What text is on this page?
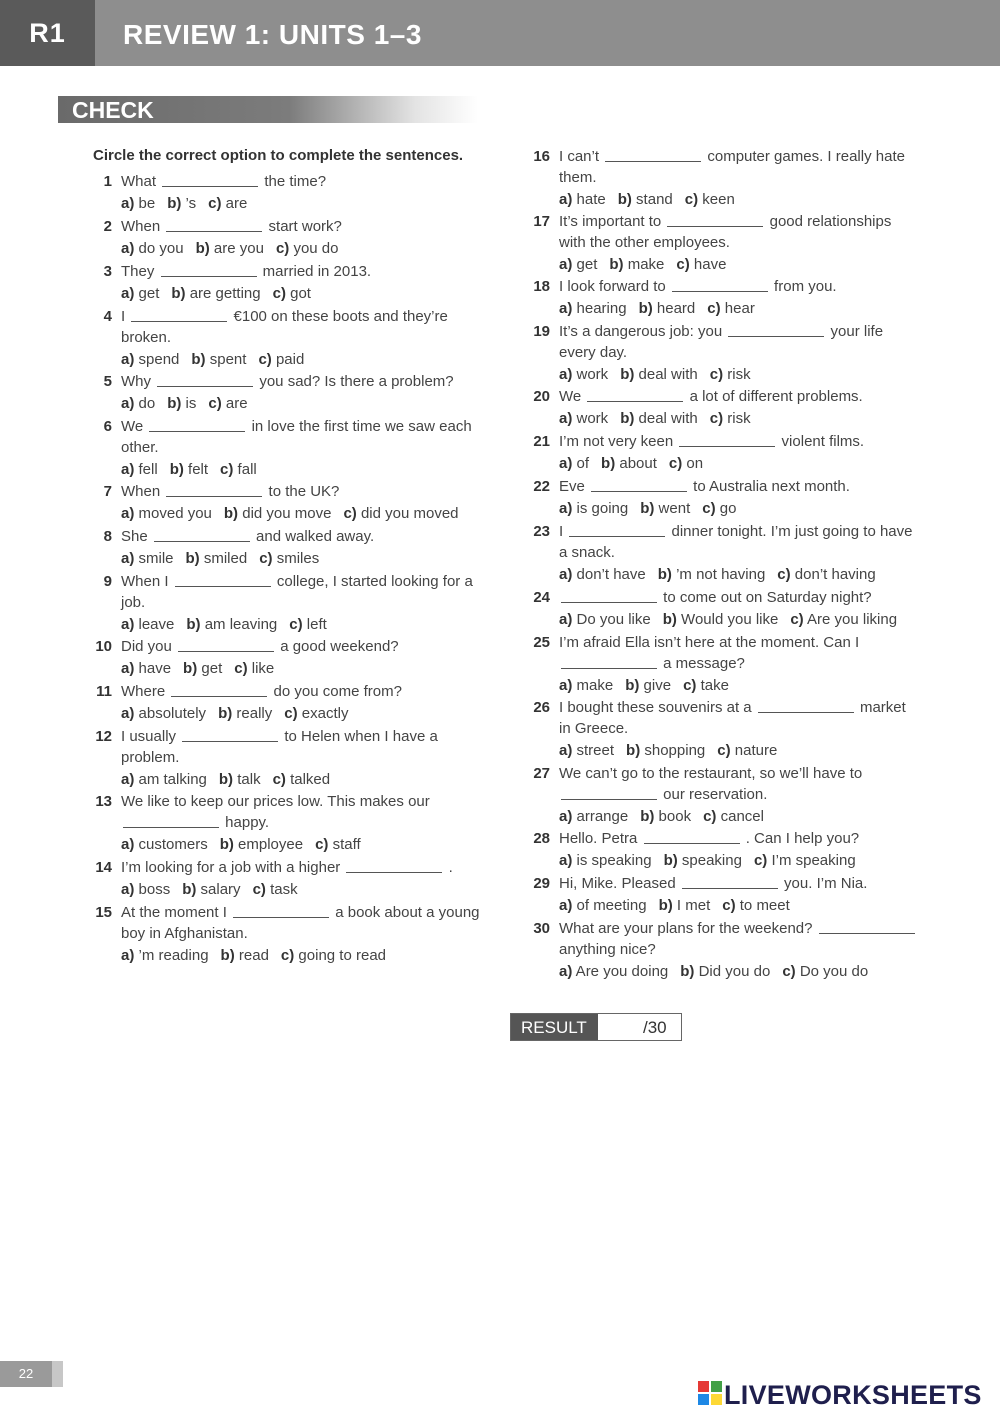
R1	REVIEW 1: UNITS 1–3
CHECK
Circle the correct option to complete the sentences.
1 What	the time?
a) be b) ’s c) are
2 When	start work?
a) do you b) are you c) you do
3 They	married in 2013.
a) get b) are getting c) got
4 I	€100 on these boots and they’re broken.
a) spend b) spent c) paid
5 Why	you sad? Is there a problem?
a) do b) is c) are
6 We	in love the first time we saw each other.
a) fell b) felt c) fall
7 When	to the UK?
a) moved you b) did you move c) did you moved
8 She	and walked away.
a) smile b) smiled c) smiles
9 When I	college, I started looking for a job.
a) leave b) am leaving c) left
10 Did you	a good weekend?
a) have b) get c) like
11 Where	do you come from?
a) absolutely b) really c) exactly
12 I usually	to Helen when I have a problem.
a) am talking b) talk c) talked
13 We like to keep our prices low. This makes our  happy.
a) customers b) employee c) staff
14 I’m looking for a job with a higher	.
a) boss b) salary c) task
15 At the moment I	a book about a young boy in Afghanistan.
a) ’m reading b) read c) going to read
16 I can’t	computer games. I really hate them.
a) hate b) stand c) keen
17 It’s important to	good relationships with the other employees.
a) get b) make c) have
18 I look forward to	from you.
a) hearing b) heard c) hear
19 It’s a dangerous job: you	your life every day.
a) work b) deal with c) risk
20 We	a lot of different problems.
a) work b) deal with c) risk
21 I’m not very keen	violent films.
a) of b) about c) on
22 Eve	to Australia next month.
a) is going b) went c) go
23 I	dinner tonight. I’m just going to have a snack.
a) don’t have b) ’m not having c) don’t having
24	to come out on Saturday night?
a) Do you like b) Would you like c) Are you liking
25 I’m afraid Ella isn’t here at the moment. Can I  a message?
a) make b) give c) take
26 I bought these souvenirs at a	market in Greece.
a) street b) shopping c) nature
27 We can’t go to the restaurant, so we’ll have to  our reservation.
a) arrange b) book c) cancel
28 Hello. Petra	. Can I help you?
a) is speaking b) speaking c) I’m speaking
29 Hi, Mike. Pleased	you. I’m Nia.
a) of meeting b) I met c) to meet
30 What are your plans for the weekend?	anything nice?
a) Are you doing b) Did you do c) Do you do
RESULT	/30
22
LIVEWORKSHEETS
